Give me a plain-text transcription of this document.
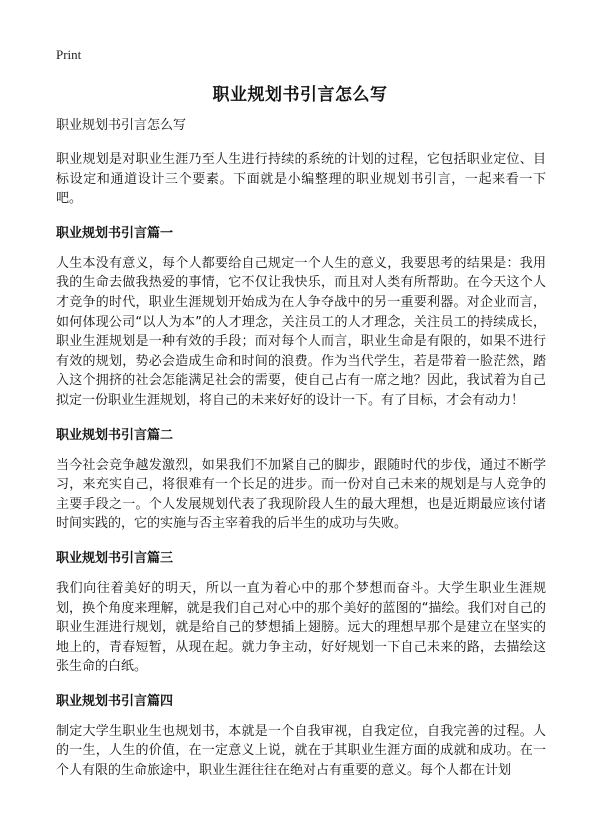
Print
职业规划书引言怎么写
职业规划书引言怎么写

职业规划是对职业生涯乃至人生进行持续的系统的计划的过程，它包括职业定位、目标设定和通道设计三个要素。下面就是小编整理的职业规划书引言，一起来看一下吧。

职业规划书引言篇一

人生本没有意义，每个人都要给自己规定一个人生的意义，我要思考的结果是：我用我的生命去做我热爱的事情，它不仅让我快乐，而且对人类有所帮助。在今天这个人才竞争的时代，职业生涯规划开始成为在人争夺战中的另一重要利器。对企业而言，如何体现公司“以人为本”的人才理念，关注员工的人才理念，关注员工的持续成长，职业生涯规划是一种有效的手段；而对每个人而言，职业生命是有限的，如果不进行有效的规划，势必会造成生命和时间的浪费。作为当代学生，若是带着一脸茫然，踏入这个拥挤的社会怎能满足社会的需要，使自己占有一席之地？因此，我试着为自己拟定一份职业生涯规划，将自己的未来好好的设计一下。有了目标，才会有动力！

职业规划书引言篇二

当今社会竞争越发激烈，如果我们不加紧自己的脚步，跟随时代的步伐，通过不断学习，来充实自己，将很难有一个长足的进步。而一份对自己未来的规划是与人竞争的主要手段之一。个人发展规划代表了我现阶段人生的最大理想，也是近期最应该付诸时间实践的，它的实施与否主宰着我的后半生的成功与失败。

职业规划书引言篇三

我们向往着美好的明天，所以一直为着心中的那个梦想而奋斗。大学生职业生涯规划，换个角度来理解，就是我们自己对心中的那个美好的蓝图的“描绘。我们对自己的职业生涯进行规划，就是给自己的梦想插上翅膀。远大的理想早那个是建立在坚实的地上的，青春短暂，从现在起。就力争主动，好好规划一下自己未来的路，去描绘这张生命的白纸。

职业规划书引言篇四

制定大学生职业生也规划书，本就是一个自我审视，自我定位，自我完善的过程。人的一生，人生的价值，在一定意义上说，就在于其职业生涯方面的成就和成功。在一个人有限的生命旅途中，职业生涯往往在绝对占有重要的意义。每个人都在计划
